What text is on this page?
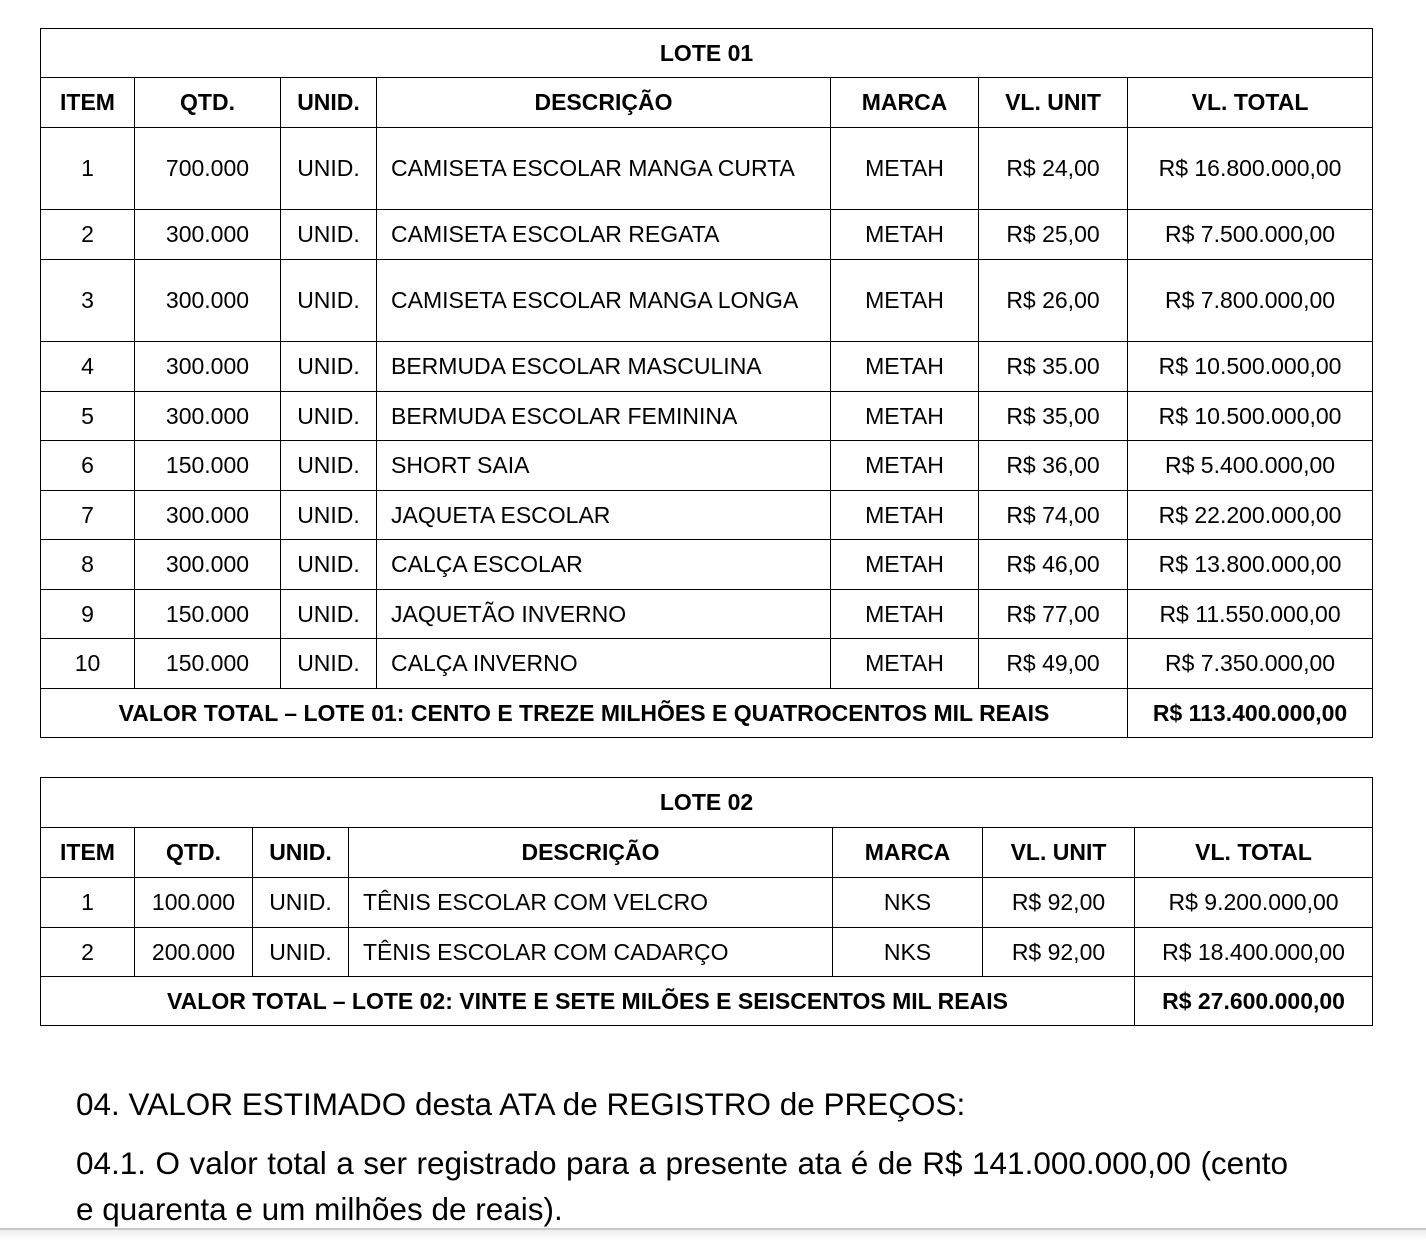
LOTE 01						
ITEM	QTD.	UNID.	DESCRIÇÃO	MARCA	VL. UNIT	VL. TOTAL
1	700.000	UNID.	CAMISETA ESCOLAR MANGA CURTA	METAH	R$ 24,00	R$ 16.800.000,00
2	300.000	UNID.	CAMISETA ESCOLAR REGATA	METAH	R$ 25,00	R$ 7.500.000,00
3	300.000	UNID.	CAMISETA ESCOLAR MANGA LONGA	METAH	R$ 26,00	R$ 7.800.000,00
4	300.000	UNID.	BERMUDA ESCOLAR MASCULINA	METAH	R$ 35.00	R$ 10.500.000,00
5	300.000	UNID.	BERMUDA ESCOLAR FEMININA	METAH	R$ 35,00	R$ 10.500.000,00
6	150.000	UNID.	SHORT SAIA	METAH	R$ 36,00	R$ 5.400.000,00
7	300.000	UNID.	JAQUETA ESCOLAR	METAH	R$ 74,00	R$ 22.200.000,00
8	300.000	UNID.	CALÇA ESCOLAR	METAH	R$ 46,00	R$ 13.800.000,00
9	150.000	UNID.	JAQUETÃO INVERNO	METAH	R$ 77,00	R$ 11.550.000,00
10	150.000	UNID.	CALÇA INVERNO	METAH	R$ 49,00	R$ 7.350.000,00
VALOR TOTAL – LOTE 01: CENTO E TREZE MILHÕES E QUATROCENTOS MIL REAIS						R$ 113.400.000,00
LOTE 02						
ITEM	QTD.	UNID.	DESCRIÇÃO	MARCA	VL. UNIT	VL. TOTAL
1	100.000	UNID.	TÊNIS ESCOLAR COM VELCRO	NKS	R$ 92,00	R$ 9.200.000,00
2	200.000	UNID.	TÊNIS ESCOLAR COM CADARÇO	NKS	R$ 92,00	R$ 18.400.000,00
VALOR TOTAL – LOTE 02: VINTE E SETE MILÕES E SEISCENTOS MIL REAIS						R$ 27.600.000,00

04. VALOR ESTIMADO desta ATA de REGISTRO de PREÇOS:

04.1. O valor total a ser registrado para a presente ata é de R$ 141.000.000,00 (cento e quarenta e um milhões de reais).
